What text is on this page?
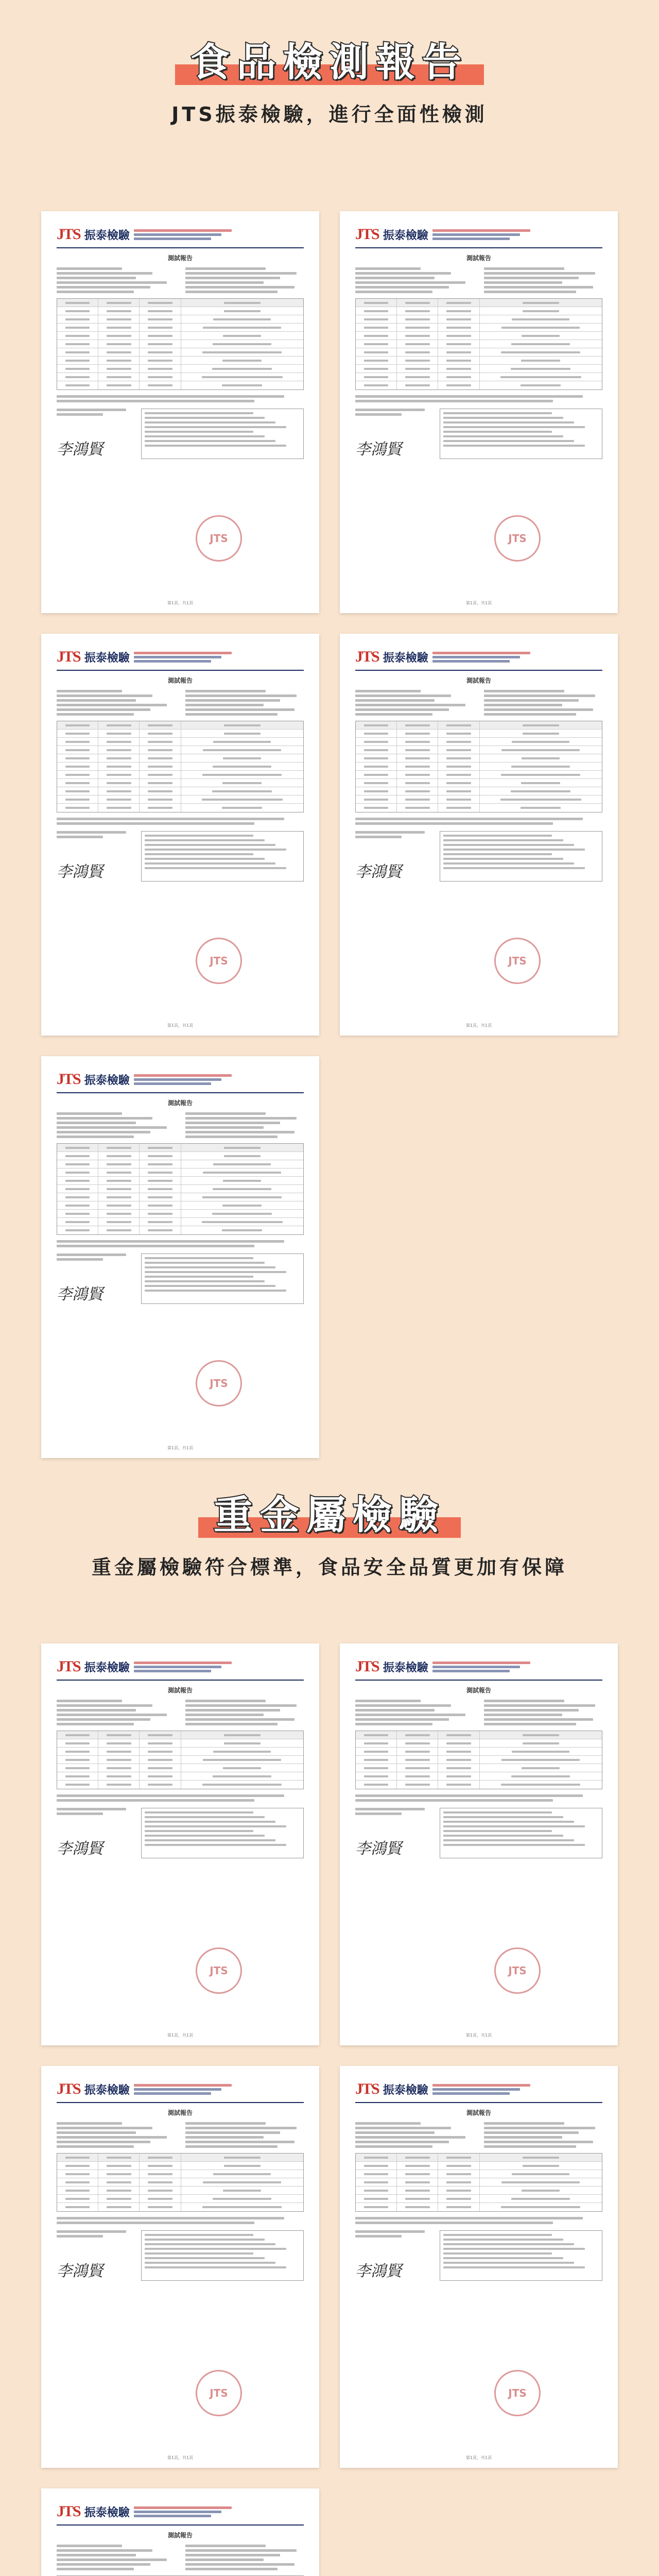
食品檢測報告
JTS振泰檢驗，進行全面性檢測
重金屬檢驗
重金屬檢驗符合標準，食品安全品質更加有保障
JTS 振泰檢驗
測試報告
李鴻賢
JTS
第1頁，共1頁
JTS 振泰檢驗
測試報告
李鴻賢
JTS
第1頁，共1頁
JTS 振泰檢驗
測試報告
李鴻賢
JTS
第1頁，共1頁
JTS 振泰檢驗
測試報告
李鴻賢
JTS
第1頁，共1頁
JTS 振泰檢驗
測試報告
李鴻賢
JTS
第1頁，共1頁
JTS 振泰檢驗
測試報告
李鴻賢
JTS
第1頁，共1頁
JTS 振泰檢驗
測試報告
李鴻賢
JTS
第1頁，共1頁
JTS 振泰檢驗
測試報告
李鴻賢
JTS
第1頁，共1頁
JTS 振泰檢驗
測試報告
李鴻賢
JTS
第1頁，共1頁
JTS 振泰檢驗
測試報告
